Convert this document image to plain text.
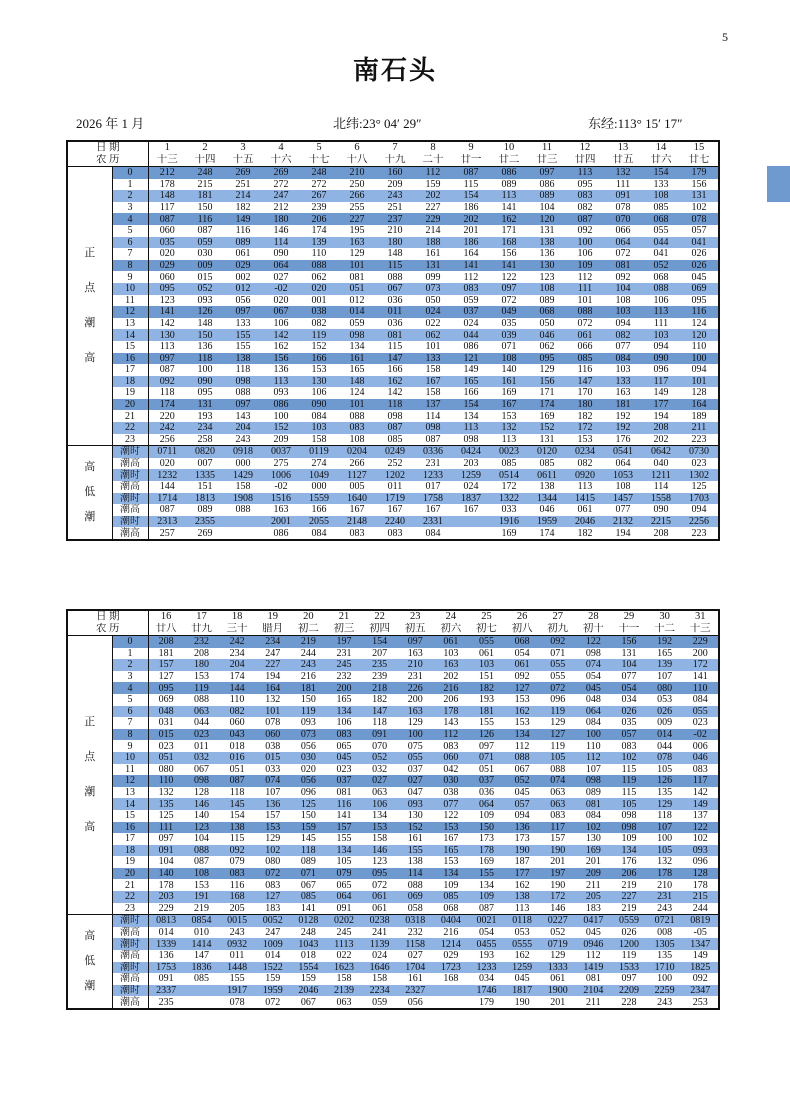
5
南石头
2026 年 1 月	北纬:23° 04′ 29″	东经:113° 15′ 17″
日 期		1	2	3	4	5	6	7	8	9	10	11	12	13	14	15
农 历		十三	十四	十五	十六	十七	十八	十九	二十	廿一	廿二	廿三	廿四	廿五	廿六	廿七

正
点
潮
高	0	212	248	269	269	248	210	160	112	087	086	097	113	132	154	179
	1	178	215	251	272	272	250	209	159	115	089	086	095	111	133	156
	2	148	181	214	247	267	266	243	202	154	113	089	083	091	108	131
	3	117	150	182	212	239	255	251	227	186	141	104	082	078	085	102
	4	087	116	149	180	206	227	237	229	202	162	120	087	070	068	078
	5	060	087	116	146	174	195	210	214	201	171	131	092	066	055	057
	6	035	059	089	114	139	163	180	188	186	168	138	100	064	044	041
	7	020	030	061	090	110	129	148	161	164	156	136	106	072	041	026
	8	029	009	029	064	088	101	115	131	141	141	130	109	081	052	026
	9	060	015	002	027	062	081	088	099	112	122	123	112	092	068	045
	10	095	052	012	-02	020	051	067	073	083	097	108	111	104	088	069
	11	123	093	056	020	001	012	036	050	059	072	089	101	108	106	095
	12	141	126	097	067	038	014	011	024	037	049	068	088	103	113	116
	13	142	148	133	106	082	059	036	022	024	035	050	072	094	111	124
	14	130	150	155	142	119	098	081	062	044	039	046	061	082	103	120
	15	113	136	155	162	152	134	115	101	086	071	062	066	077	094	110
	16	097	118	138	156	166	161	147	133	121	108	095	085	084	090	100
	17	087	100	118	136	153	165	166	158	149	140	129	116	103	096	094
	18	092	090	098	113	130	148	162	167	165	161	156	147	133	117	101
	19	118	095	088	093	106	124	142	158	166	169	171	170	163	149	128
	20	174	131	097	086	090	101	118	137	154	167	174	180	181	177	164
	21	220	193	143	100	084	088	098	114	134	153	169	182	192	194	189
	22	242	234	204	152	103	083	087	098	113	132	152	172	192	208	211
	23	256	258	243	209	158	108	085	087	098	113	131	153	176	202	223

高
低
潮	潮时	0711	0820	0918	0037	0119	0204	0249	0336	0424	0023	0120	0234	0541	0642	0730
	潮高	020	007	000	275	274	266	252	231	203	085	085	082	064	040	023
	潮时	1232	1335	1429	1006	1049	1127	1202	1233	1259	0514	0611	0920	1053	1211	1302
	潮高	144	151	158	-02	000	005	011	017	024	172	138	113	108	114	125
	潮时	1714	1813	1908	1516	1559	1640	1719	1758	1837	1322	1344	1415	1457	1558	1703
	潮高	087	089	088	163	166	167	167	167	167	033	046	061	077	090	094
	潮时	2313	2355		2001	2055	2148	2240	2331		1916	1959	2046	2132	2215	2256
	潮高	257	269		086	084	083	083	084		169	174	182	194	208	223
日 期		16	17	18	19	20	21	22	23	24	25	26	27	28	29	30	31
农 历		廿八	廿九	三十	腊月	初二	初三	初四	初五	初六	初七	初八	初九	初十	十一	十二	十三

正
点
潮
高	0	208	232	242	234	219	197	154	097	061	055	068	092	122	156	192	229
	1	181	208	234	247	244	231	207	163	103	061	054	071	098	131	165	200
	2	157	180	204	227	243	245	235	210	163	103	061	055	074	104	139	172
	3	127	153	174	194	216	232	239	231	202	151	092	055	054	077	107	141
	4	095	119	144	164	181	200	218	226	216	182	127	072	045	054	080	110
	5	069	088	110	132	150	165	182	200	206	193	153	096	048	034	053	084
	6	048	063	082	101	119	134	147	163	178	181	162	119	064	026	026	055
	7	031	044	060	078	093	106	118	129	143	155	153	129	084	035	009	023
	8	015	023	043	060	073	083	091	100	112	126	134	127	100	057	014	-02
	9	023	011	018	038	056	065	070	075	083	097	112	119	110	083	044	006
	10	051	032	016	015	030	045	052	055	060	071	088	105	112	102	078	046
	11	080	067	051	033	020	023	032	037	042	051	067	088	107	115	105	083
	12	110	098	087	074	056	037	027	027	030	037	052	074	098	119	126	117
	13	132	128	118	107	096	081	063	047	038	036	045	063	089	115	135	142
	14	135	146	145	136	125	116	106	093	077	064	057	063	081	105	129	149
	15	125	140	154	157	150	141	134	130	122	109	094	083	084	098	118	137
	16	111	123	138	153	159	157	153	152	153	150	136	117	102	098	107	122
	17	097	104	115	129	145	155	158	161	167	173	173	157	130	109	100	102
	18	091	088	092	102	118	134	146	155	165	178	190	190	169	134	105	093
	19	104	087	079	080	089	105	123	138	153	169	187	201	201	176	132	096
	20	140	108	083	072	071	079	095	114	134	155	177	197	209	206	178	128
	21	178	153	116	083	067	065	072	088	109	134	162	190	211	219	210	178
	22	203	191	168	127	085	064	061	069	085	109	138	172	205	227	231	215
	23	229	219	205	183	141	091	061	058	068	087	113	146	183	219	243	244

高
低
潮	潮时	0813	0854	0015	0052	0128	0202	0238	0318	0404	0021	0118	0227	0417	0559	0721	0819
	潮高	014	010	243	247	248	245	241	232	216	054	053	052	045	026	008	-05
	潮时	1339	1414	0932	1009	1043	1113	1139	1158	1214	0455	0555	0719	0946	1200	1305	1347
	潮高	136	147	011	014	018	022	024	027	029	193	162	129	112	119	135	149
	潮时	1753	1836	1448	1522	1554	1623	1646	1704	1723	1233	1259	1333	1419	1533	1710	1825
	潮高	091	085	155	159	159	158	158	161	168	034	045	061	081	097	100	092
	潮时	2337		1917	1959	2046	2139	2234	2327		1746	1817	1900	2104	2209	2259	2347
	潮高	235		078	072	067	063	059	056		179	190	201	211	228	243	253
